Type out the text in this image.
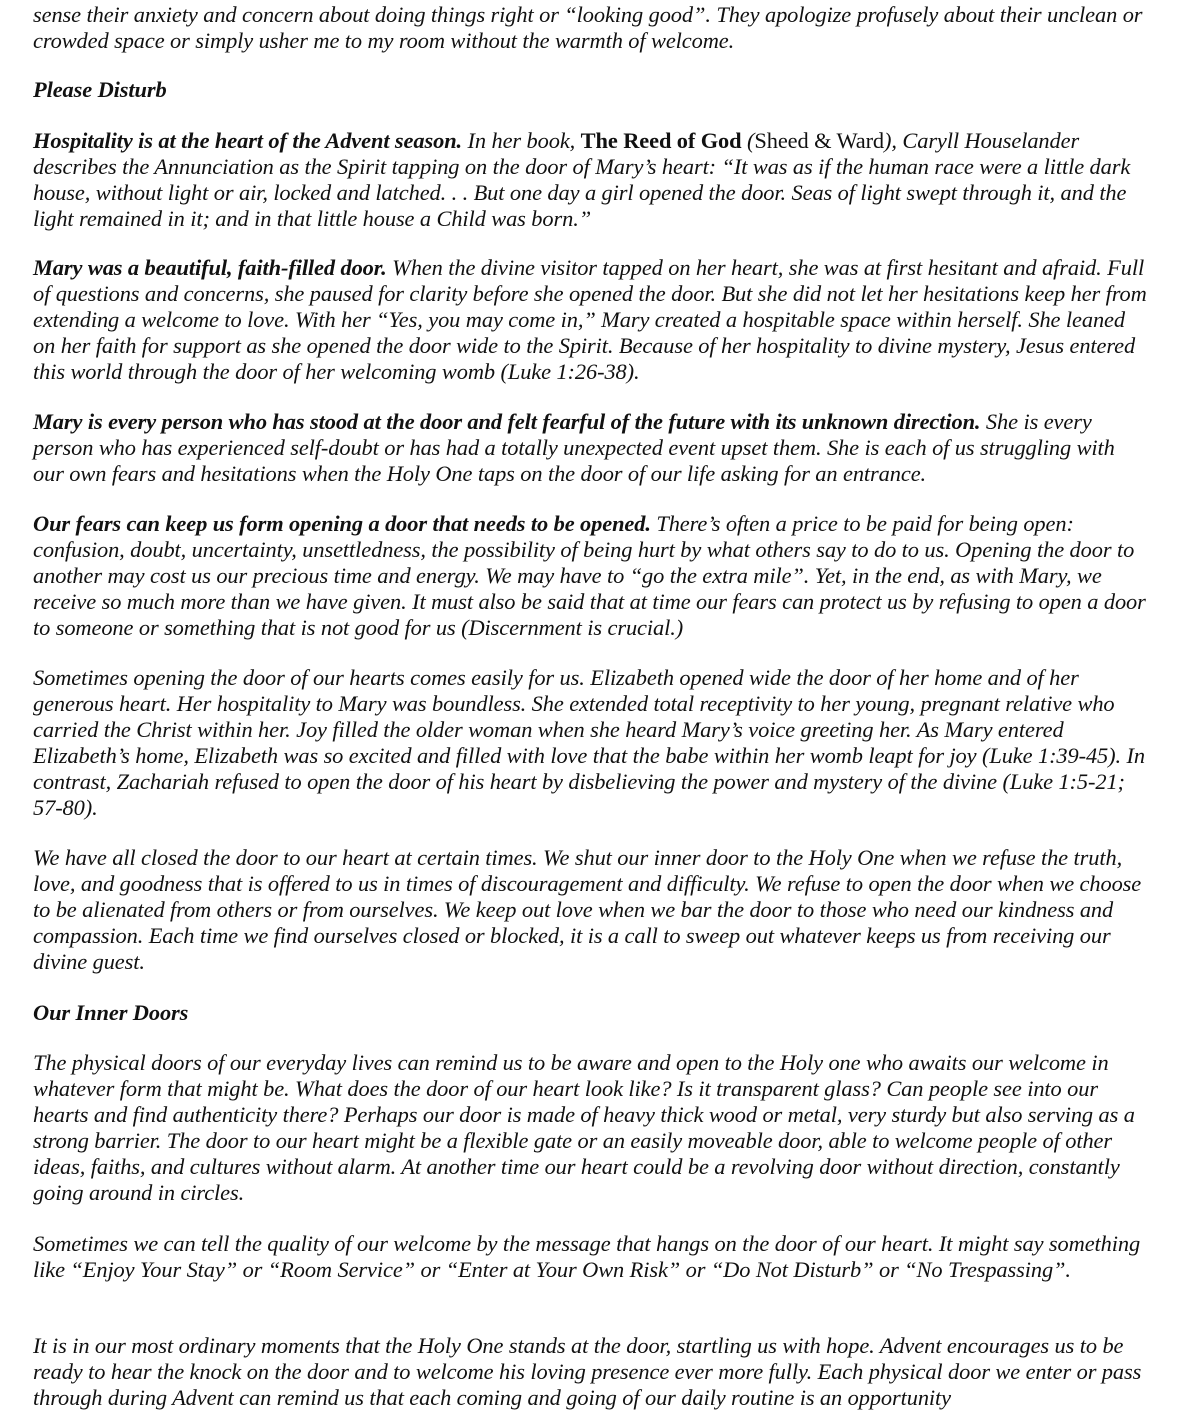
sense their anxiety and concern about doing things right or “looking good”. They apologize profusely about their unclean or crowded space or simply usher me to my room without the warmth of welcome.

Please Disturb

Hospitality is at the heart of the Advent season. In her book, The Reed of God (Sheed & Ward), Caryll Houselander describes the Annunciation as the Spirit tapping on the door of Mary’s heart: “It was as if the human race were a little dark house, without light or air, locked and latched. . . But one day a girl opened the door. Seas of light swept through it, and the light remained in it; and in that little house a Child was born.”

Mary was a beautiful, faith-filled door. When the divine visitor tapped on her heart, she was at first hesitant and afraid. Full of questions and concerns, she paused for clarity before she opened the door. But she did not let her hesitations keep her from extending a welcome to love. With her “Yes, you may come in,” Mary created a hospitable space within herself. She leaned on her faith for support as she opened the door wide to the Spirit. Because of her hospitality to divine mystery, Jesus entered this world through the door of her welcoming womb (Luke 1:26-38).

Mary is every person who has stood at the door and felt fearful of the future with its unknown direction. She is every person who has experienced self-doubt or has had a totally unexpected event upset them. She is each of us struggling with our own fears and hesitations when the Holy One taps on the door of our life asking for an entrance.

Our fears can keep us form opening a door that needs to be opened. There’s often a price to be paid for being open: confusion, doubt, uncertainty, unsettledness, the possibility of being hurt by what others say to do to us. Opening the door to another may cost us our precious time and energy. We may have to “go the extra mile”. Yet, in the end, as with Mary, we receive so much more than we have given. It must also be said that at time our fears can protect us by refusing to open a door to someone or something that is not good for us (Discernment is crucial.)

Sometimes opening the door of our hearts comes easily for us. Elizabeth opened wide the door of her home and of her generous heart. Her hospitality to Mary was boundless. She extended total receptivity to her young, pregnant relative who carried the Christ within her. Joy filled the older woman when she heard Mary’s voice greeting her. As Mary entered Elizabeth’s home, Elizabeth was so excited and filled with love that the babe within her womb leapt for joy (Luke 1:39-45). In contrast, Zachariah refused to open the door of his heart by disbelieving the power and mystery of the divine (Luke 1:5-21; 57-80).

We have all closed the door to our heart at certain times. We shut our inner door to the Holy One when we refuse the truth, love, and goodness that is offered to us in times of discouragement and difficulty. We refuse to open the door when we choose to be alienated from others or from ourselves. We keep out love when we bar the door to those who need our kindness and compassion. Each time we find ourselves closed or blocked, it is a call to sweep out whatever keeps us from receiving our divine guest.

Our Inner Doors

The physical doors of our everyday lives can remind us to be aware and open to the Holy one who awaits our welcome in whatever form that might be. What does the door of our heart look like? Is it transparent glass? Can people see into our hearts and find authenticity there? Perhaps our door is made of heavy thick wood or metal, very sturdy but also serving as a strong barrier. The door to our heart might be a flexible gate or an easily moveable door, able to welcome people of other ideas, faiths, and cultures without alarm. At another time our heart could be a revolving door without direction, constantly going around in circles.

Sometimes we can tell the quality of our welcome by the message that hangs on the door of our heart. It might say something like “Enjoy Your Stay” or “Room Service” or “Enter at Your Own Risk” or “Do Not Disturb” or “No Trespassing”.

It is in our most ordinary moments that the Holy One stands at the door, startling us with hope. Advent encourages us to be ready to hear the knock on the door and to welcome his loving presence ever more fully. Each physical door we enter or pass through during Advent can remind us that each coming and going of our daily routine is an opportunity
